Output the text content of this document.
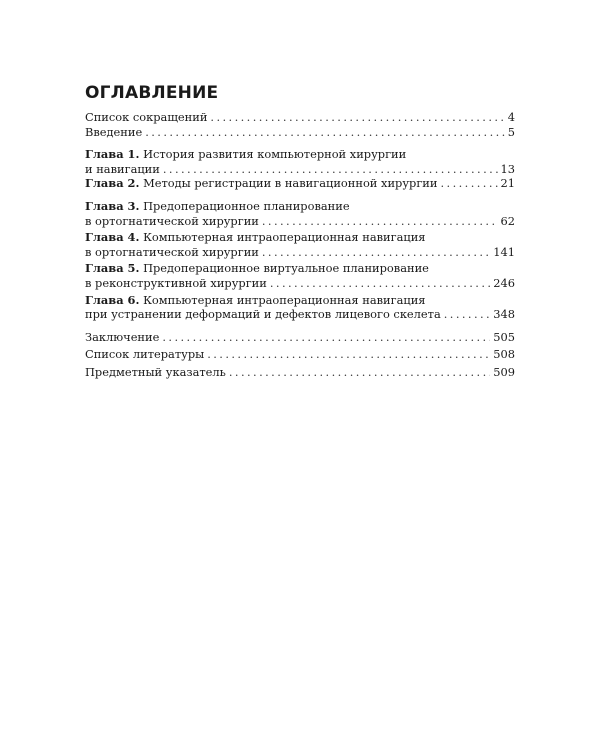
ОГЛАВЛЕНИЕ
Список сокращений . . .	4
Введение . . .	5
Глава 1.
История развития компьютерной хирургии
и навигации . . .	13
Глава 2.
Методы регистрации в навигационной хирургии . . .	21
Глава 3.
Предоперационное планирование
в ортогнатической хирургии . . .	62
Глава 4.
Компьютерная интраоперационная навигация
в ортогнатической хирургии . . .	141
Глава 5.
Предоперационное виртуальное планирование
в реконструктивной хирургии . . .	246
Глава 6.
Компьютерная интраоперационная навигация
при устранении деформаций и дефектов лицевого скелета . . .	348
Заключение . . .	505
Список литературы . . .	508
Предметный указатель . . .	509
